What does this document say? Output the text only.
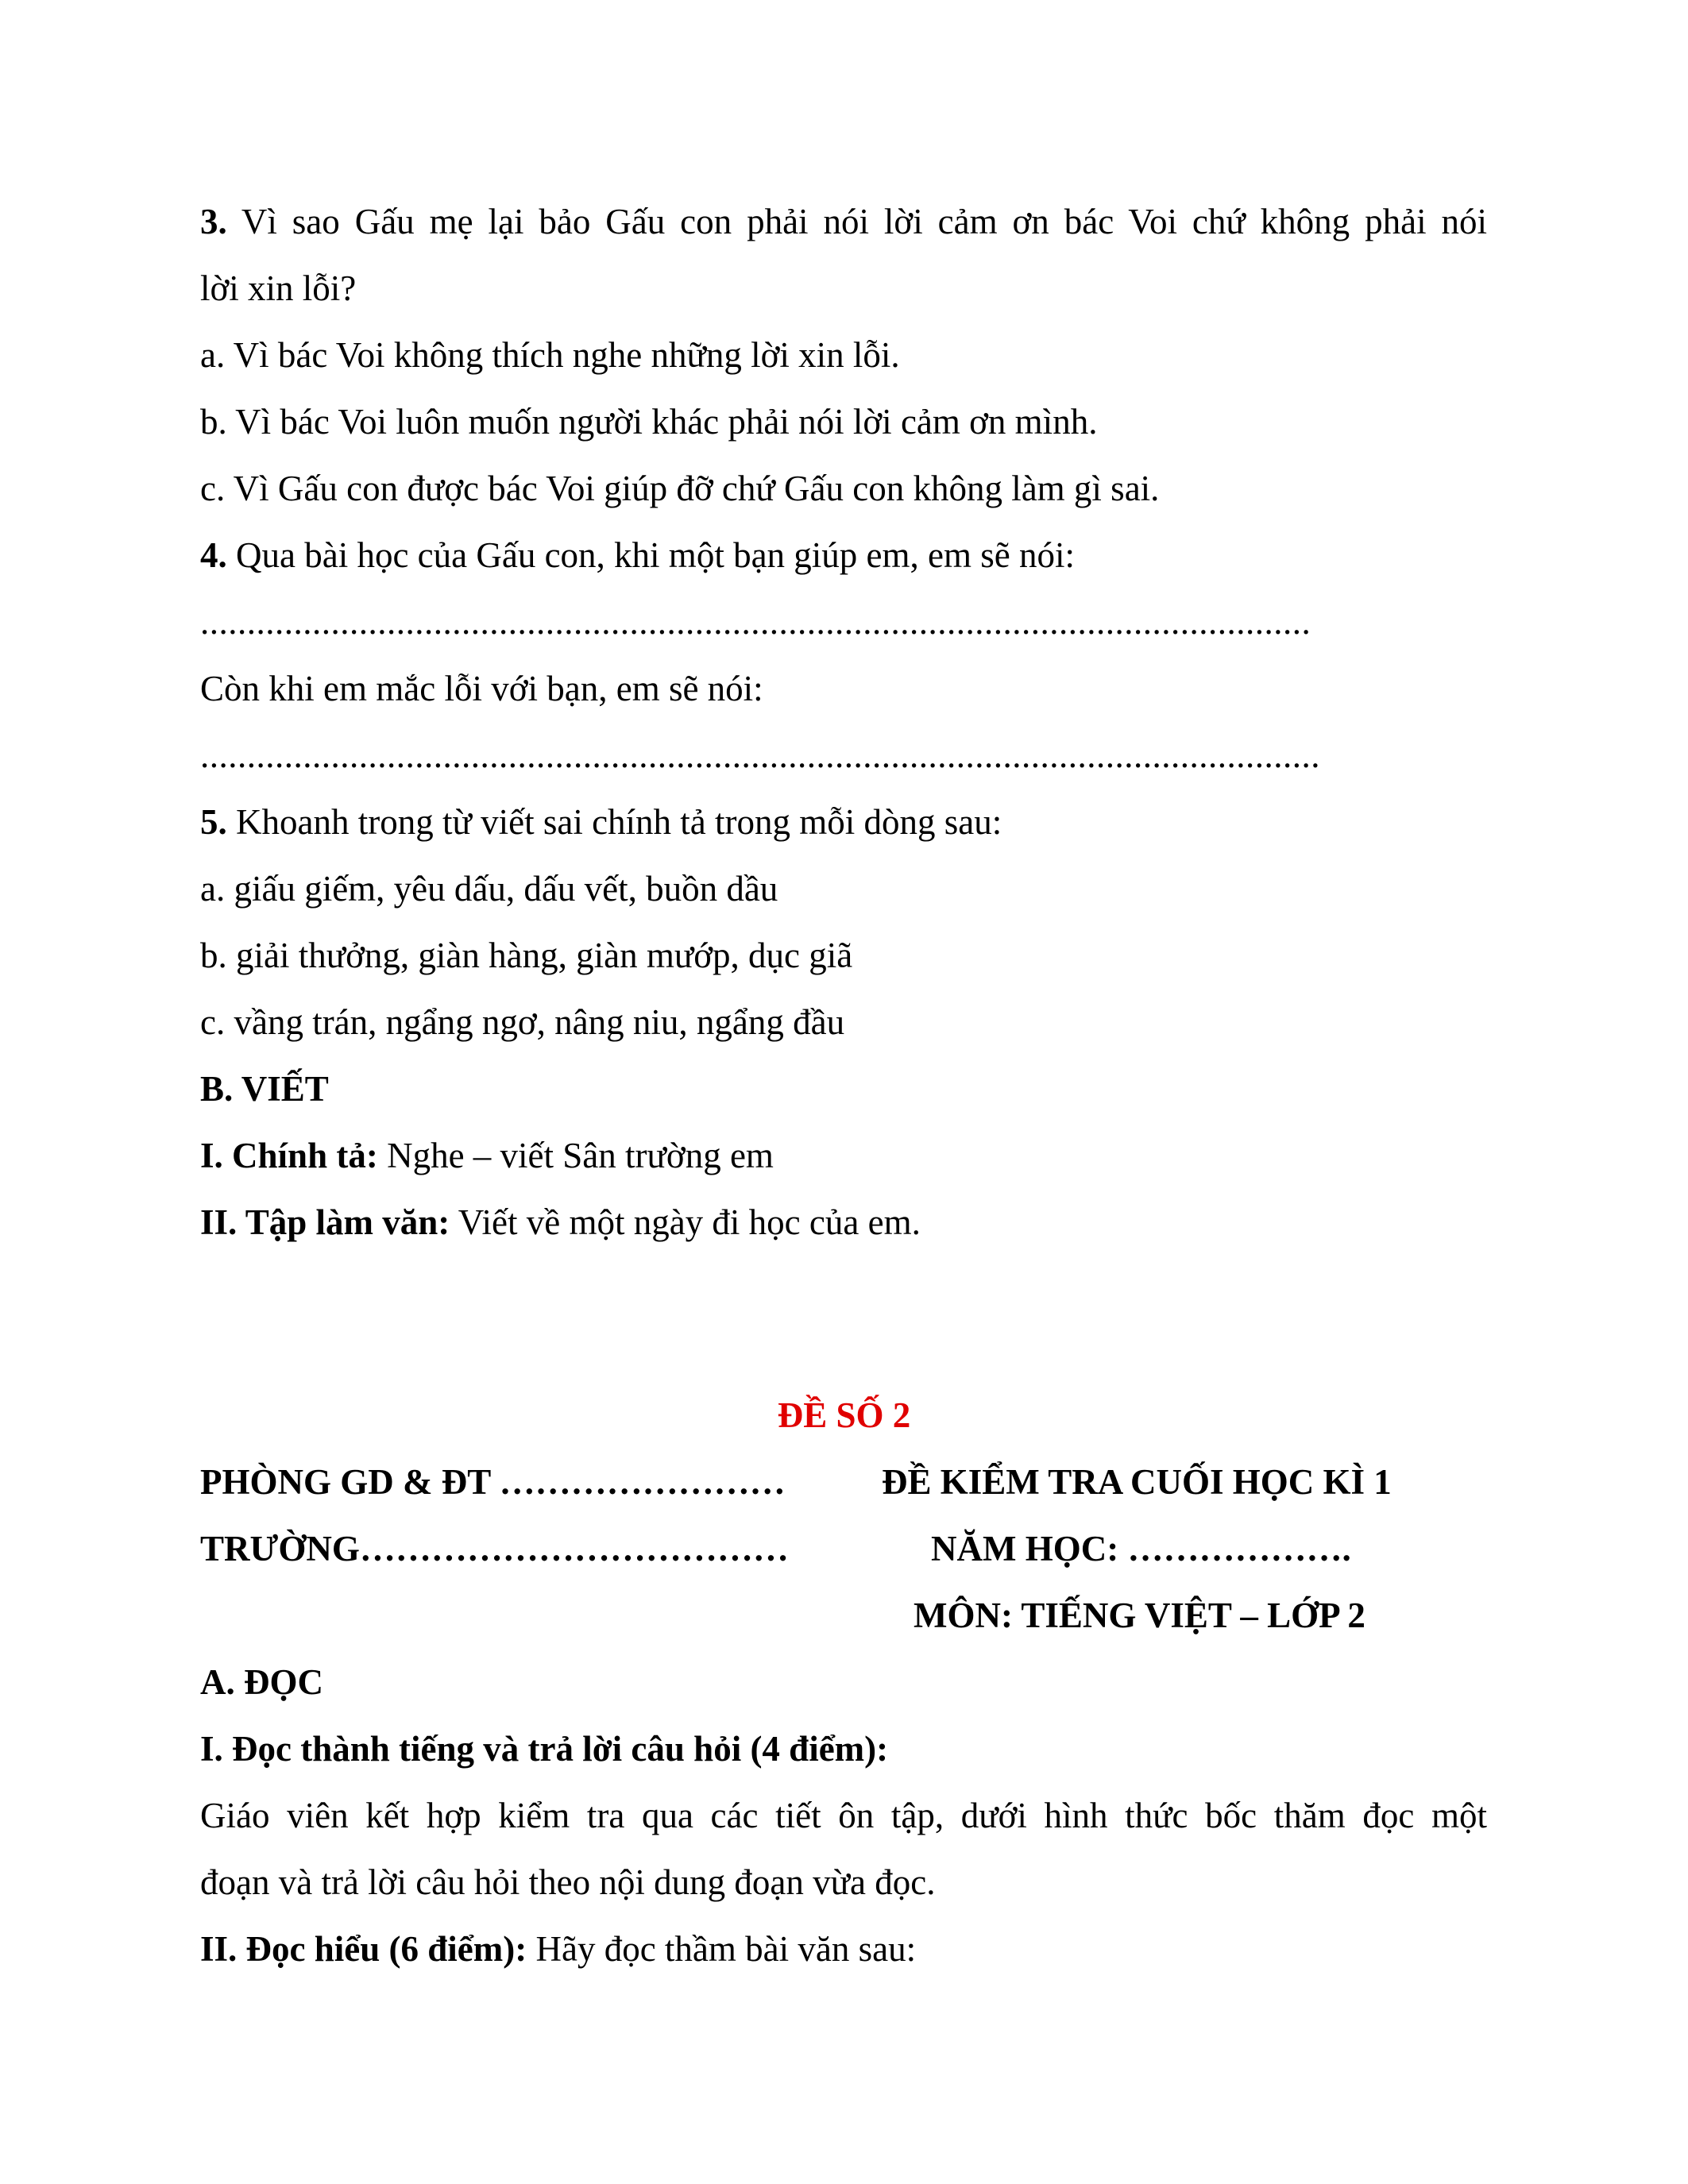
3. Vì sao Gấu mẹ lại bảo Gấu con phải nói lời cảm ơn bác Voi chứ không phải nói
lời xin lỗi?
a. Vì bác Voi không thích nghe những lời xin lỗi.
b. Vì bác Voi luôn muốn người khác phải nói lời cảm ơn mình.
c. Vì Gấu con được bác Voi giúp đỡ chứ Gấu con không làm gì sai.
4. Qua bài học của Gấu con, khi một bạn giúp em, em sẽ nói:
.......................................................................................................................
Còn khi em mắc lỗi với bạn, em sẽ nói:
........................................................................................................................
5. Khoanh trong từ viết sai chính tả trong mỗi dòng sau:
a. giấu giếm, yêu dấu, dấu vết, buồn dầu
b. giải thưởng, giàn hàng, giàn mướp, dục giã
c. vầng trán, ngẩng ngơ, nâng niu, ngẩng đầu
B. VIẾT
I. Chính tả: Nghe – viết Sân trường em
II. Tập làm văn: Viết về một ngày đi học của em.
ĐỀ SỐ 2
PHÒNG GD & ĐT ……………………	ĐỀ KIỂM TRA CUỐI HỌC KÌ 1
TRƯỜNG………………………………	NĂM HỌC: ……………….
MÔN: TIẾNG VIỆT – LỚP 2
A. ĐỌC
I. Đọc thành tiếng và trả lời câu hỏi (4 điểm):
Giáo viên kết hợp kiểm tra qua các tiết ôn tập, dưới hình thức bốc thăm đọc một
đoạn và trả lời câu hỏi theo nội dung đoạn vừa đọc.
II. Đọc hiểu (6 điểm): Hãy đọc thầm bài văn sau:
